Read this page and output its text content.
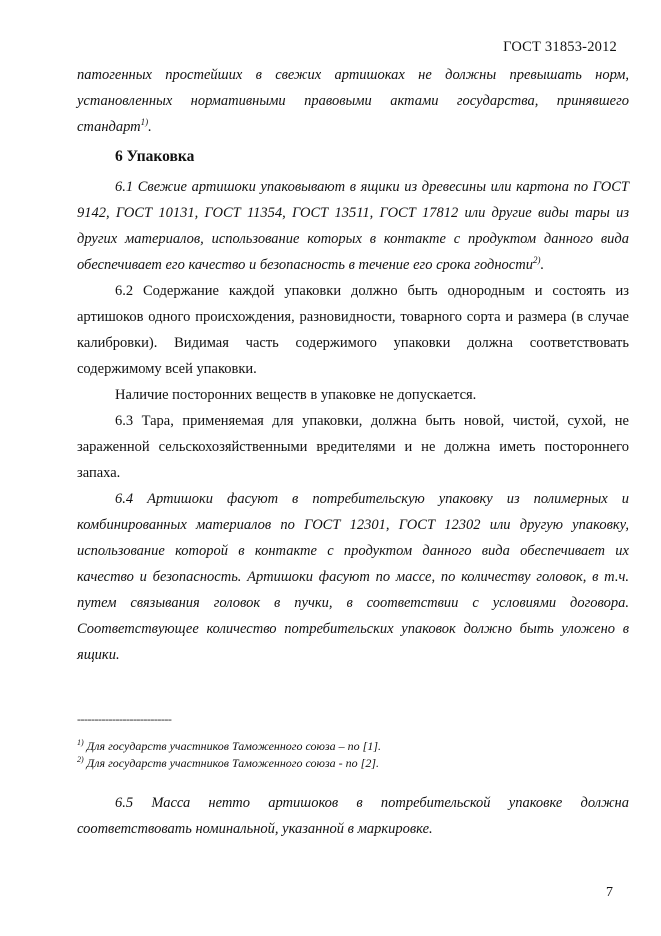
ГОСТ 31853-2012

патогенных простейших в свежих артишоках не должны превышать норм, установленных нормативными правовыми актами государства, принявшего стандарт$^{1)}$.

6 Упаковка

6.1 Свежие артишоки упаковывают в ящики из древесины или картона по ГОСТ 9142, ГОСТ 10131, ГОСТ 11354, ГОСТ 13511, ГОСТ 17812 или другие виды тары из других материалов, использование которых в контакте с продуктом данного вида обеспечивает его качество и безопасность в течение его срока годности$^{2)}$.

6.2 Содержание каждой упаковки должно быть однородным и состоять из артишоков одного происхождения, разновидности, товарного сорта и размера (в случае калибровки). Видимая часть содержимого упаковки должна соответствовать содержимому всей упаковки.

Наличие посторонних веществ в упаковке не допускается.

6.3 Тара, применяемая для упаковки, должна быть новой, чистой, сухой, не зараженной сельскохозяйственными вредителями и не должна иметь постороннего запаха.

6.4 Артишоки фасуют в потребительскую упаковку из полимерных и комбинированных материалов по ГОСТ 12301, ГОСТ 12302 или другую упаковку, использование которой в контакте с продуктом данного вида обеспечивает их качество и безопасность. Артишоки фасуют по массе, по количеству головок, в т.ч. путем связывания головок в пучки, в соответствии с условиями договора. Соответствующее количество потребительских упаковок должно быть уложено в ящики.

---------------------------
$^{1)}$ Для государств участников Таможенного союза – по [1].
$^{2)}$ Для государств участников Таможенного союза - по [2].

6.5 Масса нетто артишоков в потребительской упаковке должна соответствовать номинальной, указанной в маркировке.

7
